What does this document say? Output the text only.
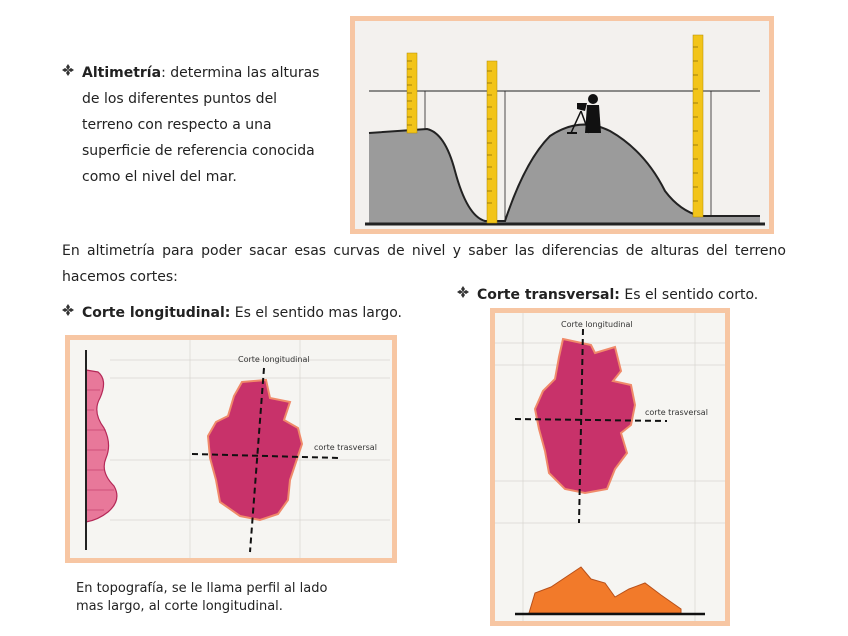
Altimetría: determina las alturas
de los diferentes puntos del
terreno con respecto a una
superficie de referencia conocida
como el nivel del mar.
En altimetría para poder sacar esas curvas de nivel y saber las diferencias de alturas del terreno
hacemos cortes:
Corte longitudinal: Es el sentido mas largo.
Corte transversal: Es el sentido corto.
Corte longitudinal
corte trasversal
Corte longitudinal
corte trasversal
En topografía, se le llama perfil al lado
mas largo, al corte longitudinal.
